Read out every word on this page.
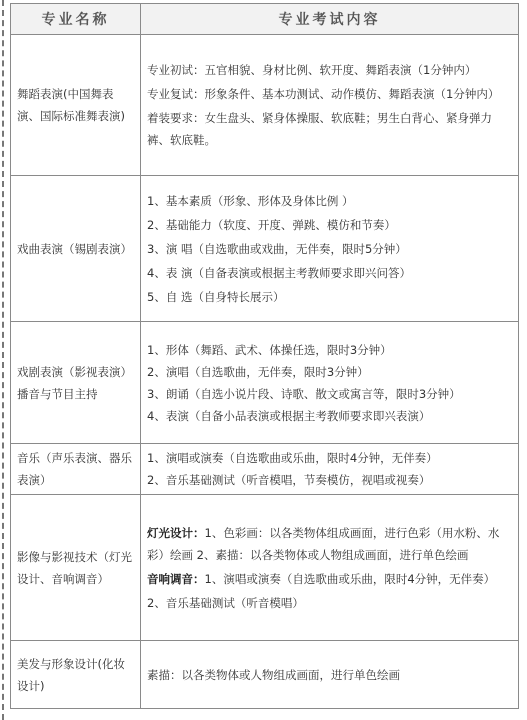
专业名称	专业考试内容
舞蹈表演(中国舞表演、国际标准舞表演)	专业初试：五官相貌、身材比例、软开度、舞蹈表演（1分钟内）
专业复试：形象条件、基本功测试、动作模仿、舞蹈表演（1分钟内）
着装要求：女生盘头、紧身体操服、软底鞋；男生白背心、紧身弹力裤、软底鞋。

戏曲表演（锡剧表演）	1、基本素质（形象、形体及身体比例 ）
2、基础能力（软度、开度、弹跳、模仿和节奏）
3、演 唱（自选歌曲或戏曲，无伴奏，限时5分钟）
4、表 演（自备表演或根据主考教师要求即兴问答）
5、自 选（自身特长展示）

戏剧表演（影视表演）播音与节目主持	1、形体（舞蹈、武术、体操任选，限时3分钟）
2、演唱（自选歌曲，无伴奏，限时3分钟）
3、朗诵（自选小说片段、诗歌、散文或寓言等，限时3分钟）
4、表演（自备小品表演或根据主考教师要求即兴表演）

音乐（声乐表演、器乐表演）	1、演唱或演奏（自选歌曲或乐曲，限时4分钟，无伴奏）
2、音乐基础测试（听音模唱，节奏模仿，视唱或视奏）

影像与影视技术（灯光设计、音响调音）	灯光设计：1、色彩画：以各类物体组成画面，进行色彩（用水粉、水彩）绘画 2、素描：以各类物体或人物组成画面，进行单色绘画
音响调音：1、演唱或演奏（自选歌曲或乐曲，限时4分钟，无伴奏）
2、音乐基础测试（听音模唱）

美发与形象设计(化妆设计)	素描：以各类物体或人物组成画面，进行单色绘画
